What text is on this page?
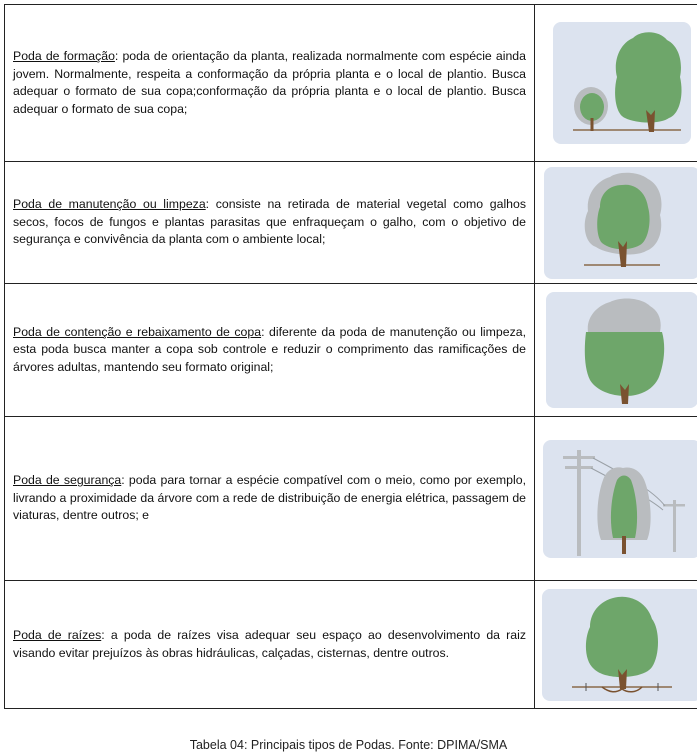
Poda de formação: poda de orientação da planta, realizada normalmente com espécie ainda jovem. Normalmente, respeita a conformação da própria planta e o local de plantio. Busca adequar o formato de sua copa;conformação da própria planta e o local de plantio. Busca adequar o formato de sua copa;

Poda de manutenção ou limpeza: consiste na retirada de material vegetal como galhos secos, focos de fungos e plantas parasitas que enfraqueçam o galho, com o objetivo de segurança e convivência da planta com o ambiente local;

Poda de contenção e rebaixamento de copa: diferente da poda de manutenção ou limpeza, esta poda busca manter a copa sob controle e reduzir o comprimento das ramificações de árvores adultas, mantendo seu formato original;

Poda de segurança: poda para tornar a espécie compatível com o meio, como por exemplo, livrando a proximidade da árvore com a rede de distribuição de energia elétrica, passagem de viaturas, dentre outros; e

Poda de raízes: a poda de raízes visa adequar seu espaço ao desenvolvimento da raiz visando evitar prejuízos às obras hidráulicas, calçadas, cisternas, dentre outros.

Tabela 04: Principais tipos de Podas. Fonte: DPIMA/SMA
